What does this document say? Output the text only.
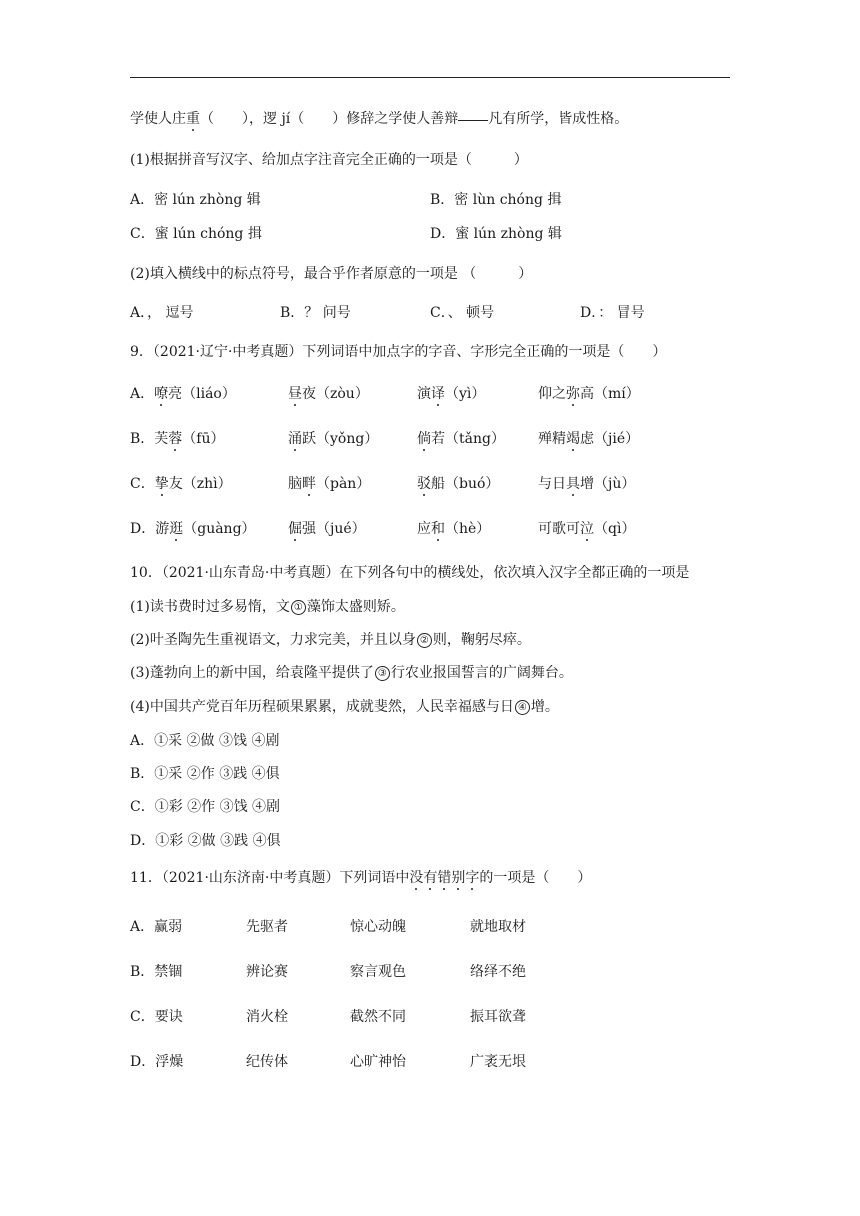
学使人庄重（　　），逻 jí（　　）修辞之学使人善辩 凡有所学，皆成性格。
(1)根据拼音写汉字、给加点字注音完全正确的一项是（　　　）
A．密 lún zhòng 辑	B．密 lùn chóng 揖
C．蜜 lún chóng 揖	D．蜜 lún zhòng 辑
(2)填入横线中的标点符号，最合乎作者原意的一项是 （　　　）
A．， 逗号	B．？ 问号	C．、 顿号	D．： 冒号
9．（2021·辽宁·中考真题）下列词语中加点字的字音、字形完全正确的一项是（　　）
A．嘹亮（liáo）	昼夜（zòu）	演译（yì）	仰之弥高（mí）
B．芙蓉（fū）	涌跃（yǒng）	倘若（tǎng） 殚精竭虑（jié）
C．挚友（zhì）	脑畔（pàn）	驳船（buó）	与日具增（jù）
D．游逛（guàng） 倔强（jué）	应和（hè）	可歌可泣（qì）
10．（2021·山东青岛·中考真题）在下列各句中的横线处，依次填入汉字全都正确的一项是
(1)读书费时过多易惰，文 ① 藻饰太盛则矫。
(2)叶圣陶先生重视语文，力求完美，并且以身 ② 则，鞠躬尽瘁。
(3)蓬勃向上的新中国，给袁隆平提供了 ③ 行农业报国誓言的广阔舞台。
(4)中国共产党百年历程硕果累累，成就斐然，人民幸福感与日 ④ 增。
A．①采 ②做 ③饯 ④剧
B．①采 ②作 ③践 ④俱
C．①彩 ②作 ③饯 ④剧
D．①彩 ②做 ③践 ④俱
11．（2021·山东济南·中考真题）下列词语中没有错别字的一项是（　　）
A．赢弱	先驱者	惊心动魄	就地取材
B．禁锢	辨论赛	察言观色	络绎不绝
C．要诀	消火栓	截然不同	振耳欲聋
D．浮燥	纪传体	心旷神怡	广袤无垠
